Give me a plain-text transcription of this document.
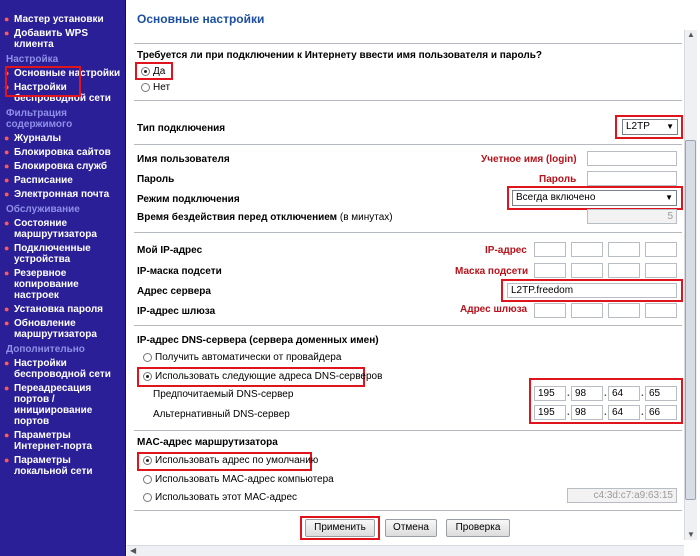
● Мастер установки
● Добавить WPS клиента
Настройка
● Основные настройки
● Настройки беспроводной сети
Фильтрация содержимого
● Журналы
● Блокировка сайтов
● Блокировка служб
● Расписание
● Электронная почта
Обслуживание
● Состояние маршрутизатора
● Подключенные устройства
● Резервное копирование настроек
● Установка пароля
● Обновление маршрутизатора
Дополнительно
● Настройки беспроводной сети
● Переадресация портов / инициирование портов
● Параметры Интернет-порта
● Параметры локальной сети
Основные настройки
▲
▼
◀
Требуется ли при подключении к Интернету ввести имя пользователя и пароль?
Да
Нет
Тип подключения	L2TP ▼
Имя пользователя	Учетное имя (login)
Пароль	Пароль
Режим подключения	Всегда включено	▼
Время бездействия перед отключением (в минутах)	5
Мой IP-адрес	IP-адрес
IP-маска подсети	Маска подсети
Адрес сервера	L2TP.freedom
IP-адрес шлюза	Адрес шлюза
IP-адрес DNS-сервера (сервера доменных имен)
Получить автоматически от провайдера
Использовать следующие адреса DNS-серверов
Предпочитаемый DNS-сервер	195	. 98	. 64	. 65
Альтернативный DNS-сервер	195	. 98	. 64	. 66
MAC-адрес маршрутизатора
Использовать адрес по умолчанию
Использовать МАС-адрес компьютера
Использовать этот МАС-адрес	c4:3d:c7:a9:63:15
Применить	Отмена	Проверка
